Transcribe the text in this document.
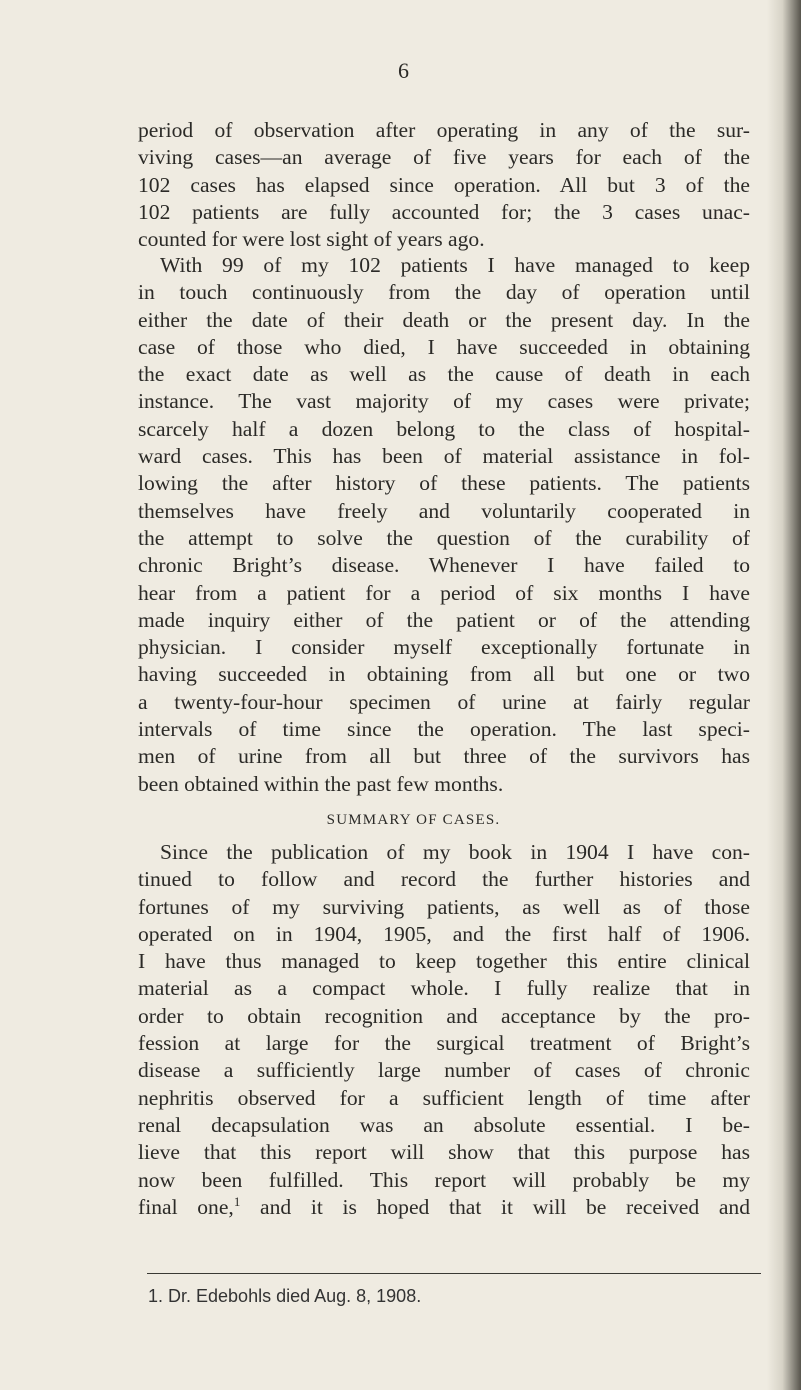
6
period of observation after operating in any of the sur-
viving cases—an average of five years for each of the
102 cases has elapsed since operation. All but 3 of the
102 patients are fully accounted for; the 3 cases unac-
counted for were lost sight of years ago.
With 99 of my 102 patients I have managed to keep
in touch continuously from the day of operation until
either the date of their death or the present day. In the
case of those who died, I have succeeded in obtaining
the exact date as well as the cause of death in each
instance. The vast majority of my cases were private;
scarcely half a dozen belong to the class of hospital-
ward cases. This has been of material assistance in fol-
lowing the after history of these patients. The patients
themselves have freely and voluntarily cooperated in
the attempt to solve the question of the curability of
chronic Bright’s disease. Whenever I have failed to
hear from a patient for a period of six months I have
made inquiry either of the patient or of the attending
physician. I consider myself exceptionally fortunate in
having succeeded in obtaining from all but one or two
a twenty-four-hour specimen of urine at fairly regular
intervals of time since the operation. The last speci-
men of urine from all but three of the survivors has
been obtained within the past few months.
SUMMARY OF CASES.
Since the publication of my book in 1904 I have con-
tinued to follow and record the further histories and
fortunes of my surviving patients, as well as of those
operated on in 1904, 1905, and the first half of 1906.
I have thus managed to keep together this entire clinical
material as a compact whole. I fully realize that in
order to obtain recognition and acceptance by the pro-
fession at large for the surgical treatment of Bright’s
disease a sufficiently large number of cases of chronic
nephritis observed for a sufficient length of time after
renal decapsulation was an absolute essential. I be-
lieve that this report will show that this purpose has
now been fulfilled. This report will probably be my
final one,$^1$ and it is hoped that it will be received and
1. Dr. Edebohls died Aug. 8, 1908.
